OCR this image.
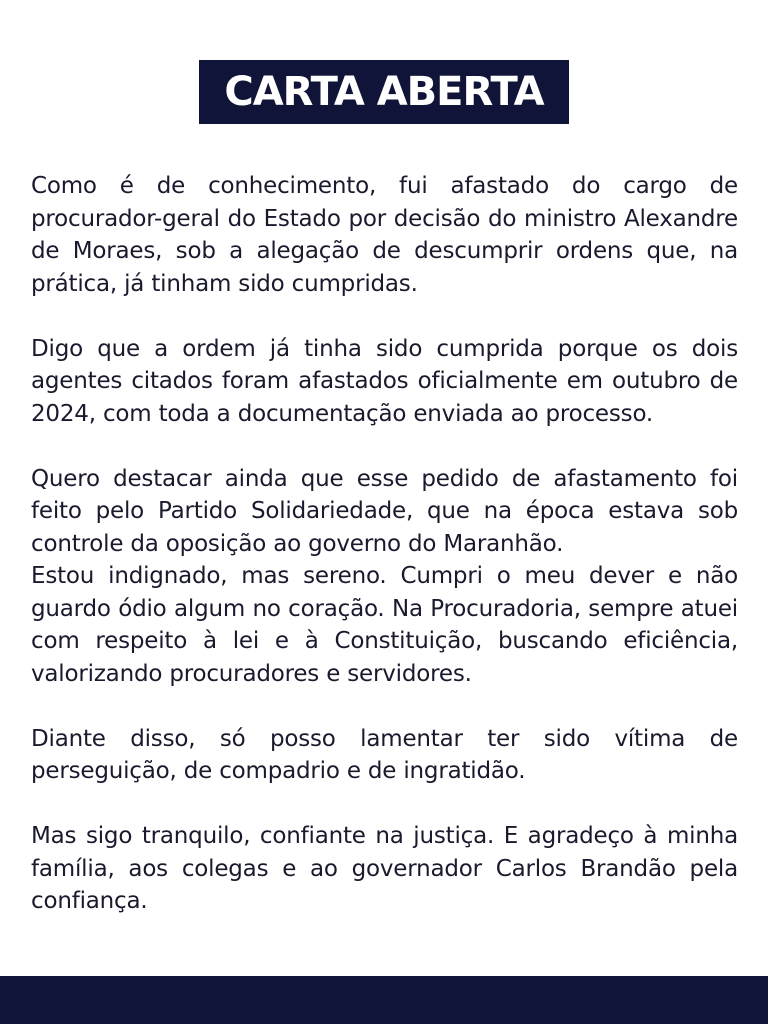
CARTA ABERTA

Como é de conhecimento, fui afastado do cargo de procurador-geral do Estado por decisão do ministro Alexandre de Moraes, sob a alegação de descumprir ordens que, na prática, já tinham sido cumpridas.

Digo que a ordem já tinha sido cumprida porque os dois agentes citados foram afastados oficialmente em outubro de 2024, com toda a documentação enviada ao processo.

Quero destacar ainda que esse pedido de afastamento foi feito pelo Partido Solidariedade, que na época estava sob controle da oposição ao governo do Maranhão.

Estou indignado, mas sereno. Cumpri o meu dever e não guardo ódio algum no coração. Na Procuradoria, sempre atuei com respeito à lei e à Constituição, buscando eficiência, valorizando procuradores e servidores.

Diante disso, só posso lamentar ter sido vítima de perseguição, de compadrio e de ingratidão.

Mas sigo tranquilo, confiante na justiça. E agradeço à minha família, aos colegas e ao governador Carlos Brandão pela confiança.
